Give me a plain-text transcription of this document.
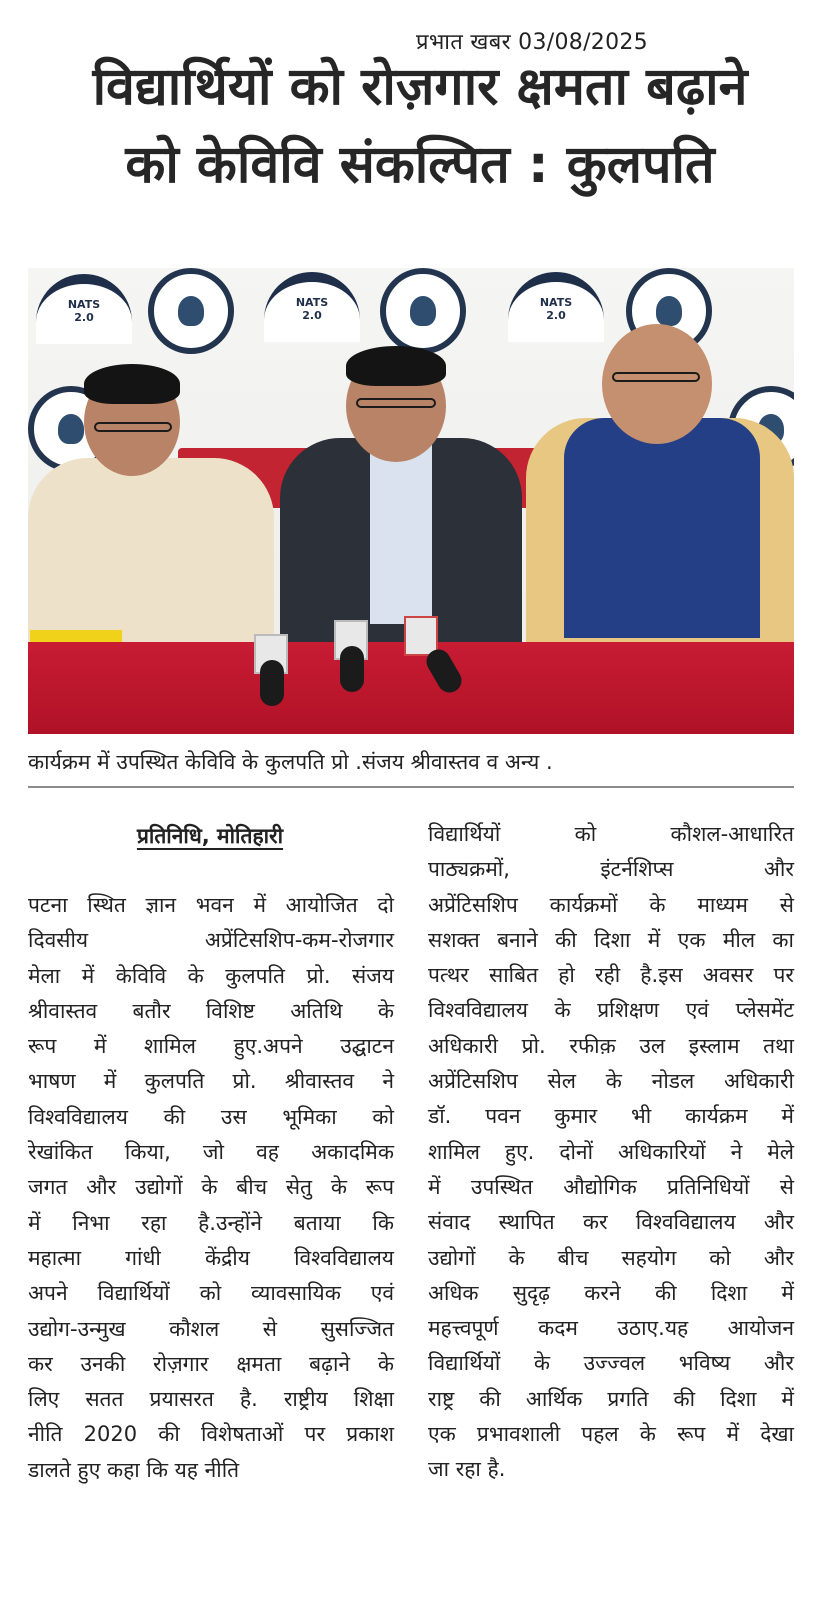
प्रभात खबर 03/08/2025
विद्यार्थियों को रोज़गार क्षमता बढ़ाने
को केविवि संकल्पित : कुलपति
NATS
2.0
NATS
2.0
NATS
2.0
कार्यक्रम में उपस्थित केविवि के कुलपति प्रो .संजय श्रीवास्तव व अन्य .
प्रतिनिधि, मोतिहारी
पटना स्थित ज्ञान भवन में आयोजित दो
दिवसीय अप्रेंटिसशिप-कम-रोजगार
मेला में केविवि के कुलपति प्रो. संजय
श्रीवास्तव बतौर विशिष्ट अतिथि के
रूप में शामिल हुए.अपने उद्घाटन
भाषण में कुलपति प्रो. श्रीवास्तव ने
विश्वविद्यालय की उस भूमिका को
रेखांकित किया, जो वह अकादमिक
जगत और उद्योगों के बीच सेतु के रूप
में निभा रहा है.उन्होंने बताया कि
महात्मा गांधी केंद्रीय विश्वविद्यालय
अपने विद्यार्थियों को व्यावसायिक एवं
उद्योग-उन्मुख कौशल से सुसज्जित
कर उनकी रोज़गार क्षमता बढ़ाने के
लिए सतत प्रयासरत है. राष्ट्रीय शिक्षा
नीति 2020 की विशेषताओं पर प्रकाश
डालते हुए कहा कि यह नीति
विद्यार्थियों को कौशल-आधारित
पाठ्यक्रमों, इंटर्नशिप्स और
अप्रेंटिसशिप कार्यक्रमों के माध्यम से
सशक्त बनाने की दिशा में एक मील का
पत्थर साबित हो रही है.इस अवसर पर
विश्वविद्यालय के प्रशिक्षण एवं प्लेसमेंट
अधिकारी प्रो. रफीक़ उल इस्लाम तथा
अप्रेंटिसशिप सेल के नोडल अधिकारी
डॉ. पवन कुमार भी कार्यक्रम में
शामिल हुए. दोनों अधिकारियों ने मेले
में उपस्थित औद्योगिक प्रतिनिधियों से
संवाद स्थापित कर विश्वविद्यालय और
उद्योगों के बीच सहयोग को और
अधिक सुदृढ़ करने की दिशा में
महत्त्वपूर्ण कदम उठाए.यह आयोजन
विद्यार्थियों के उज्ज्वल भविष्य और
राष्ट्र की आर्थिक प्रगति की दिशा में
एक प्रभावशाली पहल के रूप में देखा
जा रहा है.
